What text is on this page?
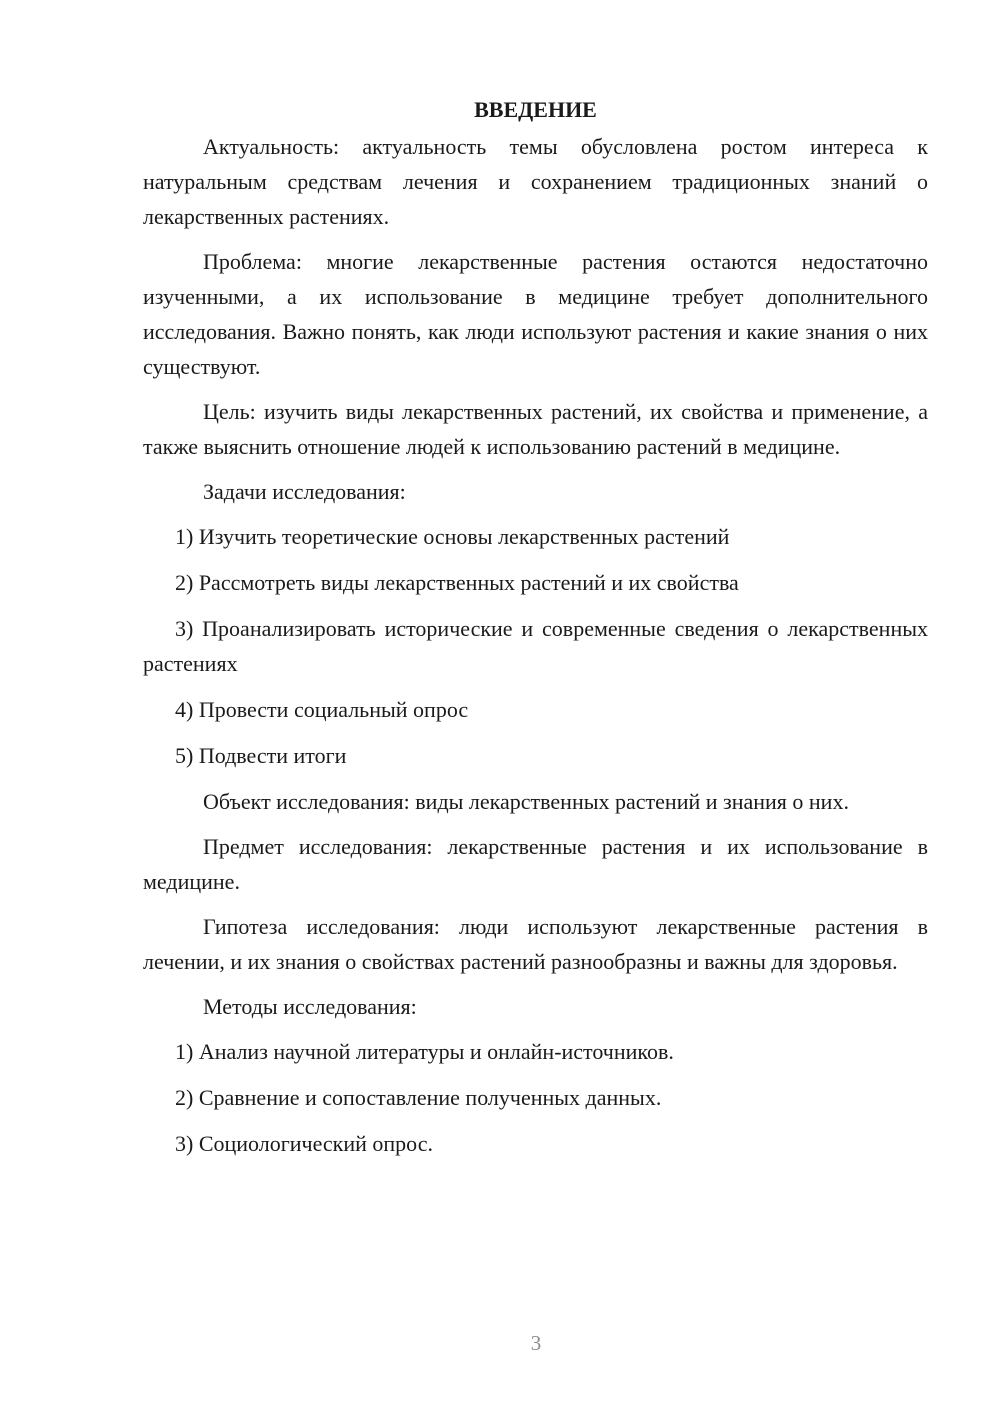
ВВЕДЕНИЕ

Актуальность: актуальность темы обусловлена ростом интереса к натуральным средствам лечения и сохранением традиционных знаний о лекарственных растениях.

Проблема: многие лекарственные растения остаются недостаточно изученными, а их использование в медицине требует дополнительного исследования. Важно понять, как люди используют растения и какие знания о них существуют.

Цель: изучить виды лекарственных растений, их свойства и применение, а также выяснить отношение людей к использованию растений в медицине.

Задачи исследования:

1) Изучить теоретические основы лекарственных растений

2) Рассмотреть виды лекарственных растений и их свойства

3) Проанализировать исторические и современные сведения о лекарственных растениях

4) Провести социальный опрос

5) Подвести итоги

Объект исследования: виды лекарственных растений и знания о них.

Предмет исследования: лекарственные растения и их использование в медицине.

Гипотеза исследования: люди используют лекарственные растения в лечении, и их знания о свойствах растений разнообразны и важны для здоровья.

Методы исследования:

1) Анализ научной литературы и онлайн-источников.

2) Сравнение и сопоставление полученных данных.

3) Социологический опрос.

3
